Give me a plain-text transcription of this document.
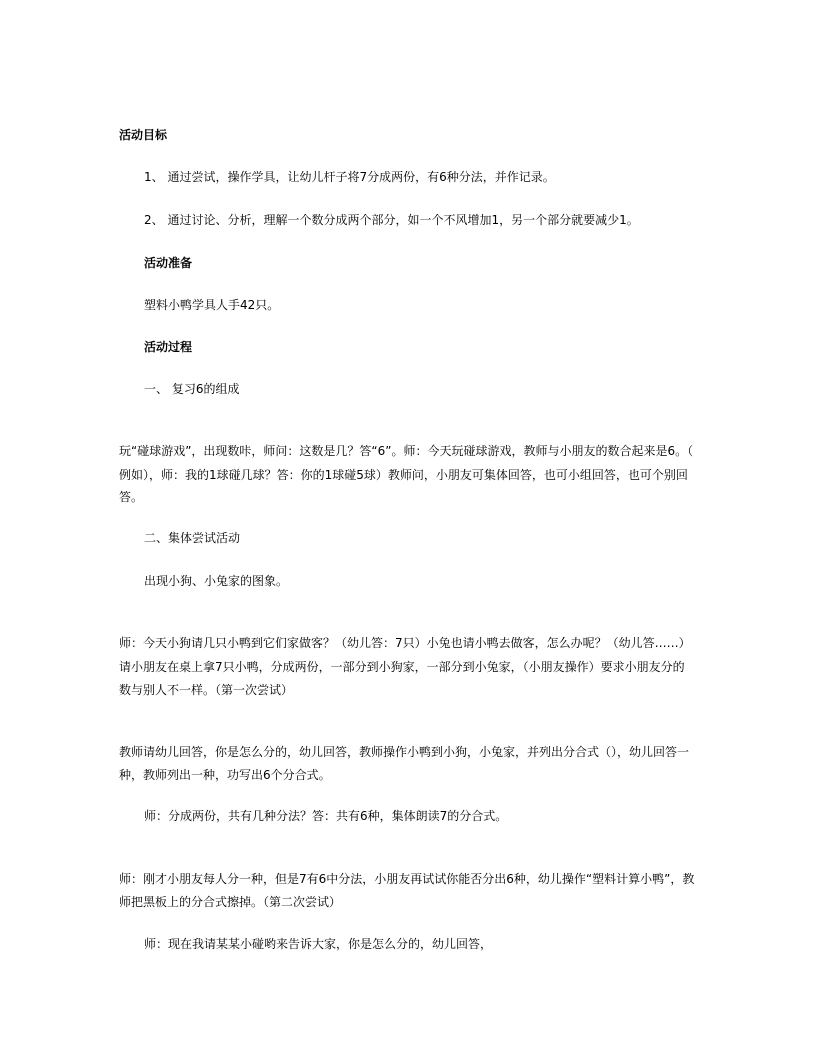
活动目标
1、 通过尝试，操作学具，让幼儿杆子将7分成两份，有6种分法，并作记录。
2、 通过讨论、分析，理解一个数分成两个部分，如一个不风增加1，另一个部分就要减少1。
活动准备
塑料小鸭学具人手42只。
活动过程
一、 复习6的组成
玩“碰球游戏”，出现数咔，师问：这数是几？答“6”。师：今天玩碰球游戏，教师与小朋友的数合起来是6。（
例如），师：我的1球碰几球？答：你的1球碰5球）教师问，小朋友可集体回答，也可小组回答，也可个别回
答。
二、集体尝试活动
出现小狗、小兔家的图象。
师：今天小狗请几只小鸭到它们家做客？（幼儿答：7只）小兔也请小鸭去做客，怎么办呢？（幼儿答……）
请小朋友在桌上拿7只小鸭，分成两份，一部分到小狗家，一部分到小兔家，（小朋友操作）要求小朋友分的
数与别人不一样。（第一次尝试）
教师请幼儿回答，你是怎么分的，幼儿回答，教师操作小鸭到小狗，小兔家，并列出分合式（），幼儿回答一
种，教师列出一种，功写出6个分合式。
师：分成两份，共有几种分法？答：共有6种，集体朗读7的分合式。
师：刚才小朋友每人分一种，但是7有6中分法，小朋友再试试你能否分出6种，幼儿操作“塑料计算小鸭”，教
师把黑板上的分合式擦掉。（第二次尝试）
师：现在我请某某小碰哟来告诉大家，你是怎么分的，幼儿回答，
